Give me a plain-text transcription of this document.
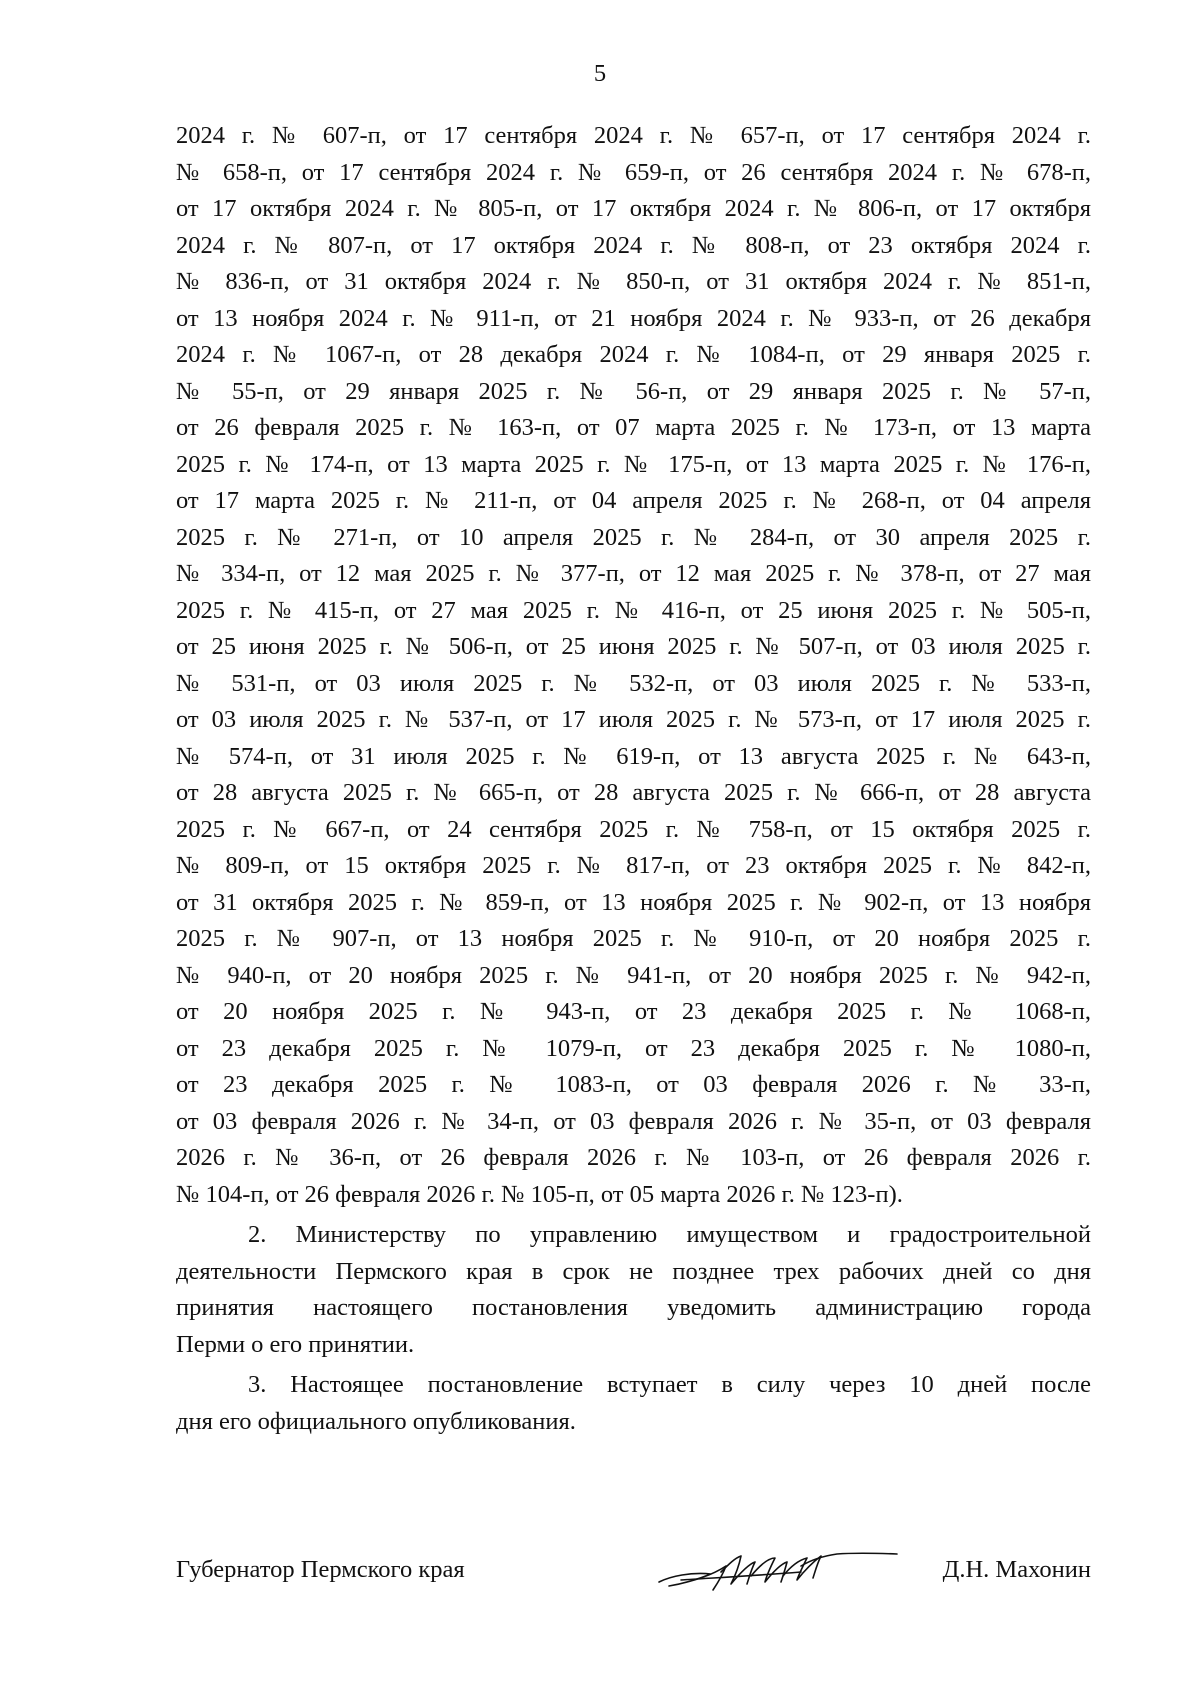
5
2024 г. № 607-п, от 17 сентября 2024 г. № 657-п, от 17 сентября 2024 г.
№ 658-п, от 17 сентября 2024 г. № 659-п, от 26 сентября 2024 г. № 678-п,
от 17 октября 2024 г. № 805-п, от 17 октября 2024 г. № 806-п, от 17 октября
2024 г. № 807-п, от 17 октября 2024 г. № 808-п, от 23 октября 2024 г.
№ 836-п, от 31 октября 2024 г. № 850-п, от 31 октября 2024 г. № 851-п,
от 13 ноября 2024 г. № 911-п, от 21 ноября 2024 г. № 933-п, от 26 декабря
2024 г. № 1067-п, от 28 декабря 2024 г. № 1084-п, от 29 января 2025 г.
№ 55-п, от 29 января 2025 г. № 56-п, от 29 января 2025 г. № 57-п,
от 26 февраля 2025 г. № 163-п, от 07 марта 2025 г. № 173-п, от 13 марта
2025 г. № 174-п, от 13 марта 2025 г. № 175-п, от 13 марта 2025 г. № 176-п,
от 17 марта 2025 г. № 211-п, от 04 апреля 2025 г. № 268-п, от 04 апреля
2025 г. № 271-п, от 10 апреля 2025 г. № 284-п, от 30 апреля 2025 г.
№ 334-п, от 12 мая 2025 г. № 377-п, от 12 мая 2025 г. № 378-п, от 27 мая
2025 г. № 415-п, от 27 мая 2025 г. № 416-п, от 25 июня 2025 г. № 505-п,
от 25 июня 2025 г. № 506-п, от 25 июня 2025 г. № 507-п, от 03 июля 2025 г.
№ 531-п, от 03 июля 2025 г. № 532-п, от 03 июля 2025 г. № 533-п,
от 03 июля 2025 г. № 537-п, от 17 июля 2025 г. № 573-п, от 17 июля 2025 г.
№ 574-п, от 31 июля 2025 г. № 619-п, от 13 августа 2025 г. № 643-п,
от 28 августа 2025 г. № 665-п, от 28 августа 2025 г. № 666-п, от 28 августа
2025 г. № 667-п, от 24 сентября 2025 г. № 758-п, от 15 октября 2025 г.
№ 809-п, от 15 октября 2025 г. № 817-п, от 23 октября 2025 г. № 842-п,
от 31 октября 2025 г. № 859-п, от 13 ноября 2025 г. № 902-п, от 13 ноября
2025 г. № 907-п, от 13 ноября 2025 г. № 910-п, от 20 ноября 2025 г.
№ 940-п, от 20 ноября 2025 г. № 941-п, от 20 ноября 2025 г. № 942-п,
от 20 ноября 2025 г. № 943-п, от 23 декабря 2025 г. № 1068-п,
от 23 декабря 2025 г. № 1079-п, от 23 декабря 2025 г. № 1080-п,
от 23 декабря 2025 г. № 1083-п, от 03 февраля 2026 г. № 33-п,
от 03 февраля 2026 г. № 34-п, от 03 февраля 2026 г. № 35-п, от 03 февраля
2026 г. № 36-п, от 26 февраля 2026 г. № 103-п, от 26 февраля 2026 г.
№ 104-п, от 26 февраля 2026 г. № 105-п, от 05 марта 2026 г. № 123-п).
2. Министерству по управлению имуществом и градостроительной
деятельности Пермского края в срок не позднее трех рабочих дней со дня
принятия настоящего постановления уведомить администрацию города
Перми о его принятии.
3. Настоящее постановление вступает в силу через 10 дней после
дня его официального опубликования.
Губернатор Пермского края	Д.Н. Махонин
